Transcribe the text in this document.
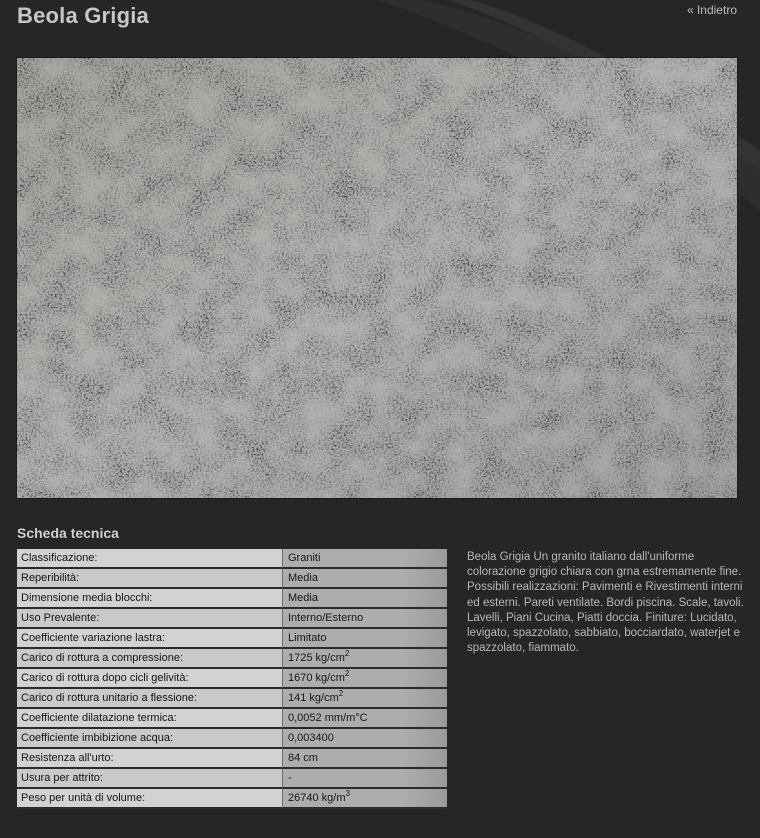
Beola Grigia	« Indietro
Scheda tecnica
Classificazione:	Graniti
Reperibilità:	Media
Dimensione media blocchi:	Media
Uso Prevalente:	Interno/Esterno
Coefficiente variazione lastra:	Limitato
Carico di rottura a compressione:	1725 $kg/cm^2$
Carico di rottura dopo cicli gelività:	1670 $kg/cm^2$
Carico di rottura unitario a flessione:	141 $kg/cm^2$
Coefficiente dilatazione termica:	0,0052 mm/m°C
Coefficiente imbibizione acqua:	0,003400
Resistenza all'urto:	84 cm
Usura per attrito:	-
Peso per unità di volume:	26740 $kg/m^3$

Beola Grigia Un granito italiano dall'uniforme colorazione grigio chiara con grna estremamente fine. Possibili realizzazioni: Pavimenti e Rivestimenti interni ed esterni. Pareti ventilate. Bordi piscina. Scale, tavoli. Lavelli, Piani Cucina, Piatti doccia. Finiture: Lucidato, levigato, spazzolato, sabbiato, bocciardato, waterjet e spazzolato, fiammato.
